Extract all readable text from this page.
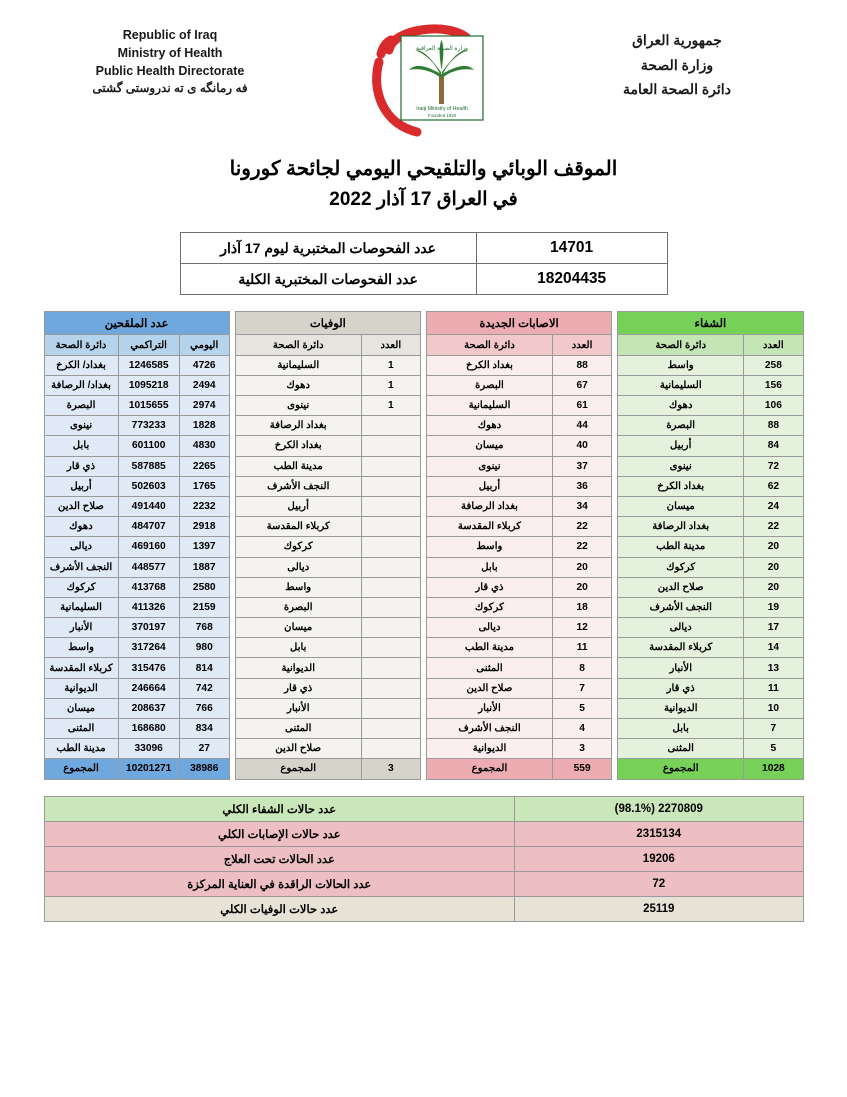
Republic of Iraq
Ministry of Health
Public Health Directorate
فە رمانگە ى تە ندروستى گشتى
وزارة الصحة العراقية
Iraqi Ministry of Health
Founded 1920
جمهورية العراق
وزارة الصحة
دائرة الصحة العامة
الموقف الوبائي والتلقيحي اليومي لجائحة كورونا
في العراق 17 آذار 2022
14701	عدد الفحوصات المختبرية ليوم 17 آذار
18204435	عدد الفحوصات المختبرية الكلية
الشفاء	
العدد	دائرة الصحة
258	واسط
156	السليمانية
106	دهوك
88	البصرة
84	أربيل
72	نينوى
62	بغداد الكرخ
24	ميسان
22	بغداد الرصافة
20	مدينة الطب
20	كركوك
20	صلاح الدين
19	النجف الأشرف
17	ديالى
14	كربلاء المقدسة
13	الأنبار
11	ذي قار
10	الديوانية
7	بابل
5	المثنى
1028	المجموع
الاصابات الجديدة	
العدد	دائرة الصحة
88	بغداد الكرخ
67	البصرة
61	السليمانية
44	دهوك
40	ميسان
37	نينوى
36	أربيل
34	بغداد الرصافة
22	كربلاء المقدسة
22	واسط
20	بابل
20	ذي قار
18	كركوك
12	ديالى
11	مدينة الطب
8	المثنى
7	صلاح الدين
5	الأنبار
4	النجف الأشرف
3	الديوانية
559	المجموع
الوفيات	
العدد	دائرة الصحة
1	السليمانية
1	دهوك
1	نينوى
	بغداد الرصافة
	بغداد الكرخ
	مدينة الطب
	النجف الأشرف
	أربيل
	كربلاء المقدسة
	كركوك
	ديالى
	واسط
	البصرة
	ميسان
	بابل
	الديوانية
	ذي قار
	الأنبار
	المثنى
	صلاح الدين
3	المجموع
عدد الملقحين		
اليومي	التراكمي	دائرة الصحة
4726	1246585	بغداد/ الكرخ
2494	1095218	بغداد/ الرصافة
2974	1015655	البصرة
1828	773233	نينوى
4830	601100	بابل
2265	587885	ذي قار
1765	502603	أربيل
2232	491440	صلاح الدين
2918	484707	دهوك
1397	469160	ديالى
1887	448577	النجف الأشرف
2580	413768	كركوك
2159	411326	السليمانية
768	370197	الأنبار
980	317264	واسط
814	315476	كربلاء المقدسة
742	246664	الديوانية
766	208637	ميسان
834	168680	المثنى
27	33096	مدينة الطب
38986	10201271	المجموع
2270809 (98.1%)	عدد حالات الشفاء الكلي
2315134	عدد حالات الإصابات الكلي
19206	عدد الحالات تحت العلاج
72	عدد الحالات الراقدة في العناية المركزة
25119	عدد حالات الوفيات الكلي
